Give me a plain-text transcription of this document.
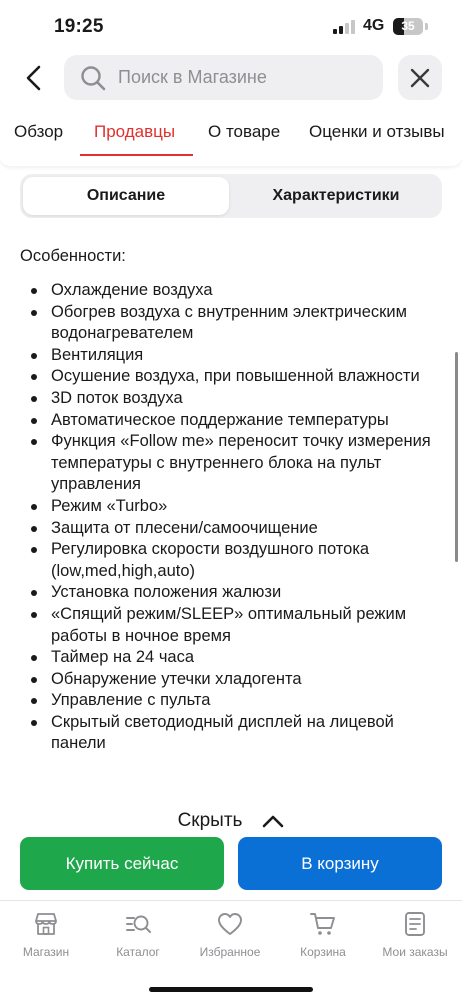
19:25	4G	35
Поиск в Магазине
Обзор Продавцы О товаре Оценки и отзывы
Описание	Характеристики
Особенности:
Охлаждение воздуха
Обогрев воздуха с внутренним электрическим водонагревателем
Вентиляция
Осушение воздуха, при повышенной влажности
3D поток воздуха
Автоматическое поддержание температуры
Функция «Follow me» переносит точку измерения температуры с внутреннего блока на пульт управления
Режим «Turbo»
Защита от плесени/самоочищение
Регулировка скорости воздушного потока (low,med,high,auto)
Установка положения жалюзи
«Спящий режим/SLEEP» оптимальный режим работы в ночное время
Таймер на 24 часа
Обнаружение утечки хладогента
Управление с пульта
Скрытый светодиодный дисплей на лицевой панели
Скрыть
Купить сейчас	В корзину
Магазин	Каталог	Избранное	Корзина	Мои заказы
